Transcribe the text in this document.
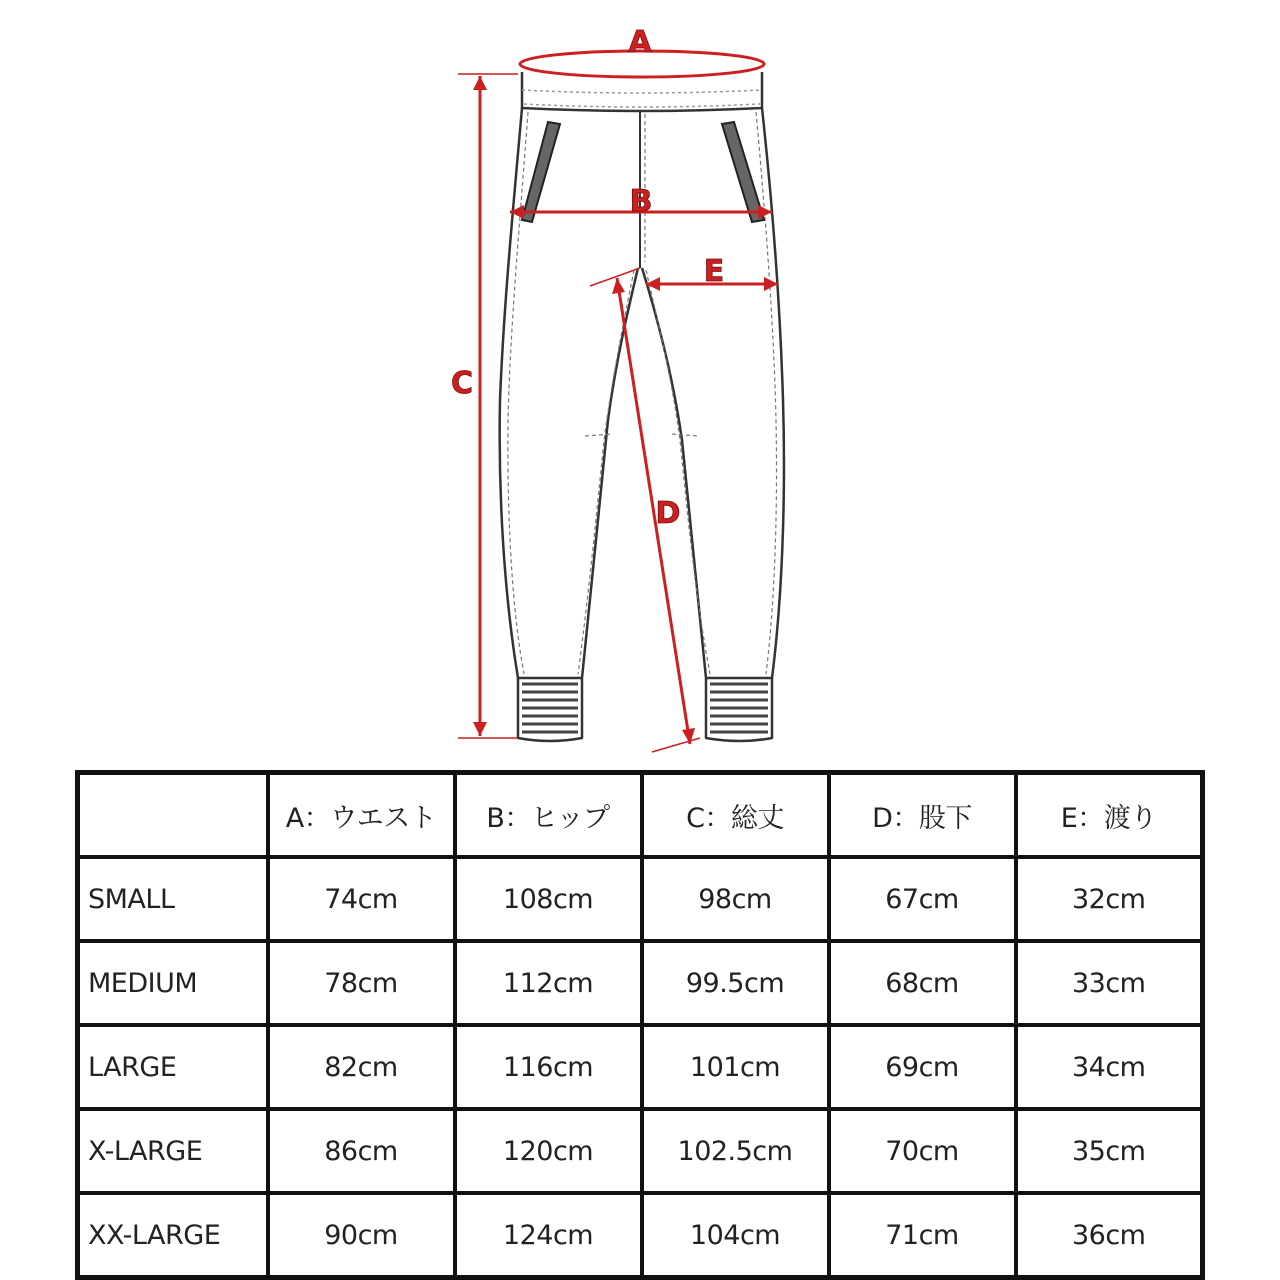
A
B
C
D
E
	A：ウエスト	B：ヒップ	C：総丈	D：股下	E：渡り
SMALL	74cm	108cm	98cm	67cm	32cm
MEDIUM	78cm	112cm	99.5cm	68cm	33cm
LARGE	82cm	116cm	101cm	69cm	34cm
X-LARGE	86cm	120cm	102.5cm	70cm	35cm
XX-LARGE	90cm	124cm	104cm	71cm	36cm
